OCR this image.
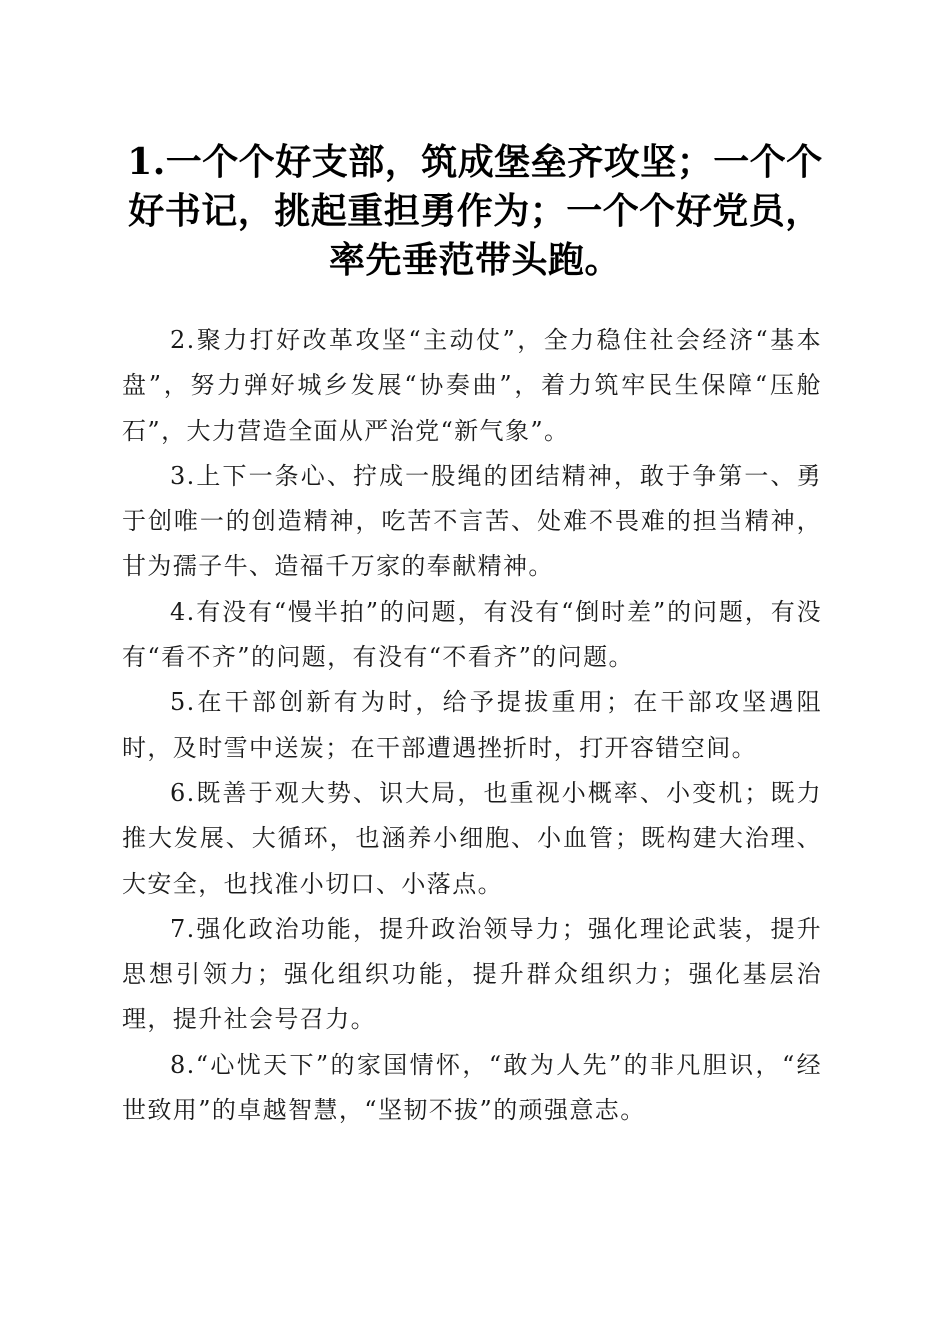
1.一个个好支部，筑成堡垒齐攻坚；一个个好书记，挑起重担勇作为；一个个好党员，率先垂范带头跑。

2.聚力打好改革攻坚“主动仗”，全力稳住社会经济“基本盘”，努力弹好城乡发展“协奏曲”，着力筑牢民生保障“压舱石”，大力营造全面从严治党“新气象”。

3.上下一条心、拧成一股绳的团结精神，敢于争第一、勇于创唯一的创造精神，吃苦不言苦、处难不畏难的担当精神，甘为孺子牛、造福千万家的奉献精神。

4.有没有“慢半拍”的问题，有没有“倒时差”的问题，有没有“看不齐”的问题，有没有“不看齐”的问题。

5.在干部创新有为时，给予提拔重用；在干部攻坚遇阻时，及时雪中送炭；在干部遭遇挫折时，打开容错空间。

6.既善于观大势、识大局，也重视小概率、小变机；既力推大发展、大循环，也涵养小细胞、小血管；既构建大治理、大安全，也找准小切口、小落点。

7.强化政治功能，提升政治领导力；强化理论武装，提升思想引领力；强化组织功能，提升群众组织力；强化基层治理，提升社会号召力。

8.“心忧天下”的家国情怀，“敢为人先”的非凡胆识，“经世致用”的卓越智慧，“坚韧不拔”的顽强意志。
